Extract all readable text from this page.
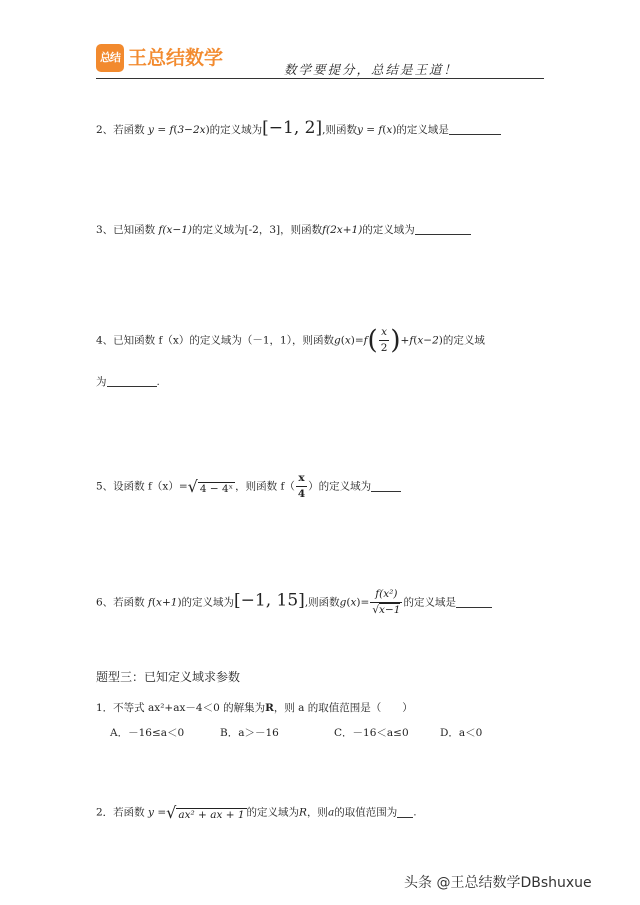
总结 王总结数学
数学要提分，总结是王道！
2、若函数 y = f(3−2x)的定义域为[−1, 2],则函数y = f(x)的定义域是
3、已知函数 f(x−1)的定义域为[-2，3]，则函数f(2x+1)的定义域为
4、已知函数 f（x）的定义域为（－1，1），则函数$g(x)=f( \frac{x}{2} )+f(x-2)$的定义域
为	.
5、设函数 f（x）=√ 4 − 4ˣ ，则函数 $f( \frac{x}{4}$ ）的定义域为
6、若函数 f(x+1)的定义域为[−1, 15],则函数$g(x)= \frac{\text{f(x²)}}{√x-1}$ 的定义域是
题型三：已知定义域求参数
1．不等式 ax²+ax－4＜0 的解集为R，则 a 的取值范围是（　　）
A．－16≤a＜0	B．a＞－16	C．－16＜a≤0	D．a＜0
2．若函数 y =√ ax² + ax + 1 的定义域为R，则a的取值范围为 .
头条 @王总结数学DBshuxue
